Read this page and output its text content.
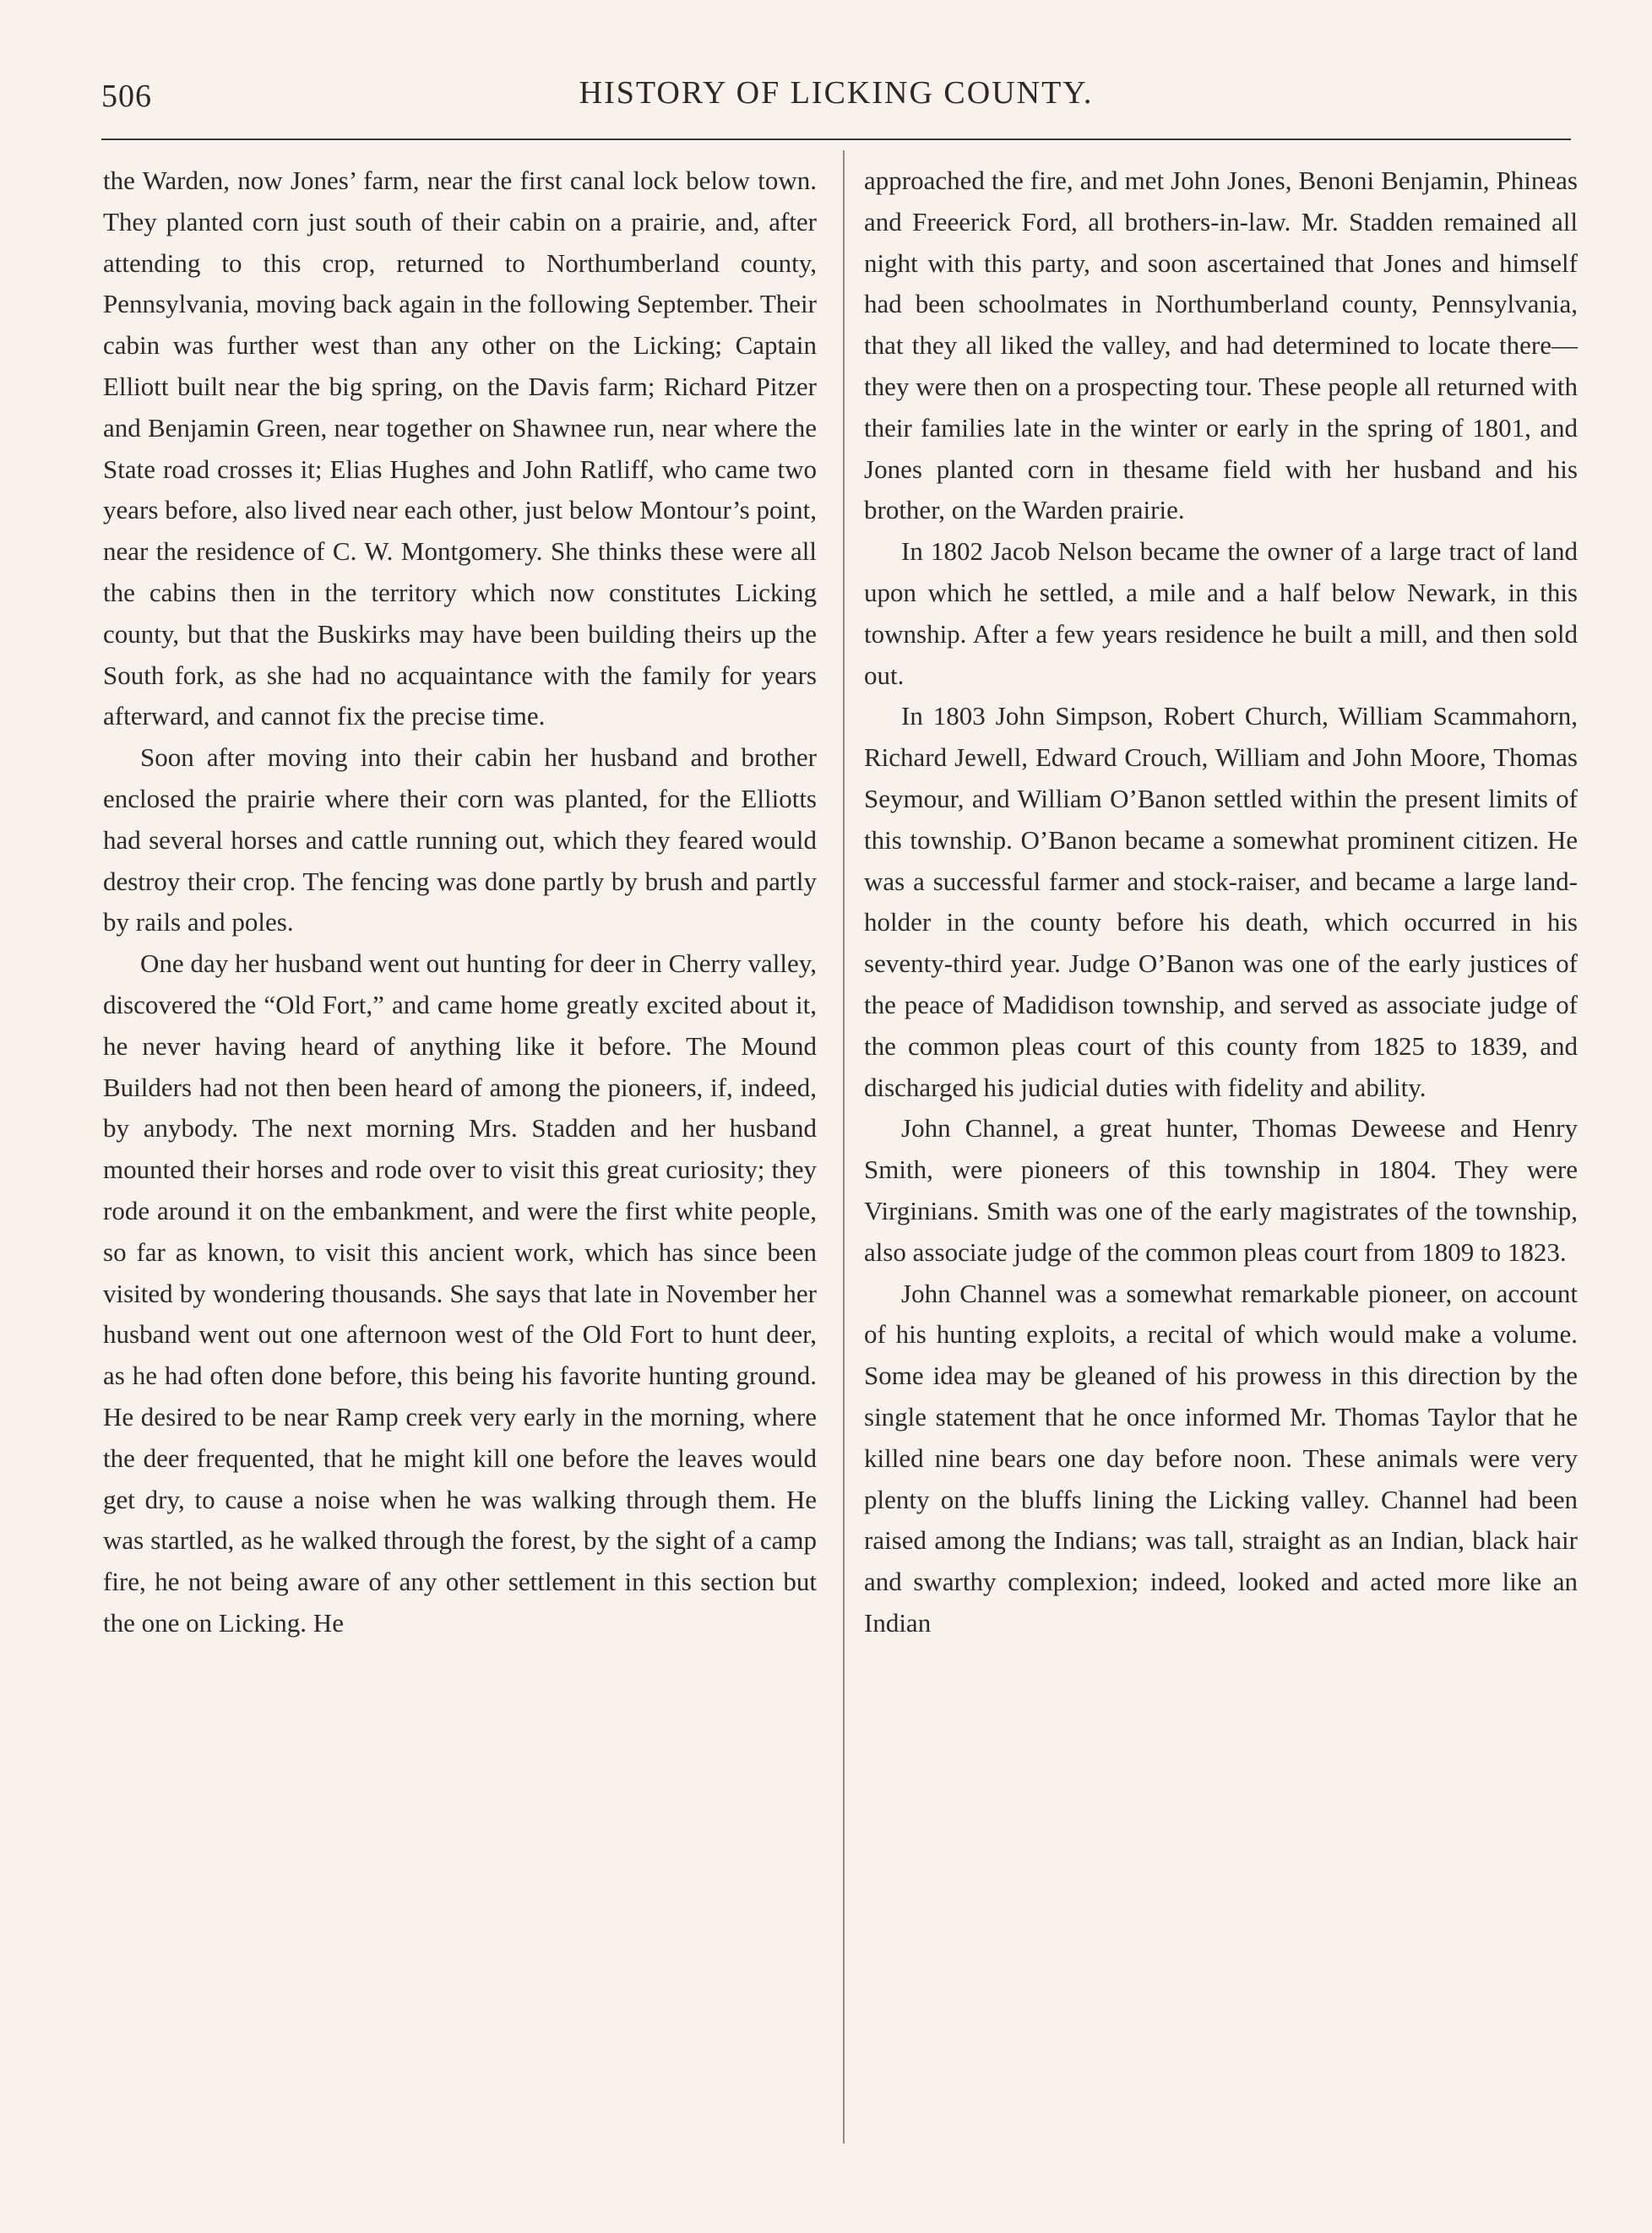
506	HISTORY OF LICKING COUNTY.

the Warden, now Jones’ farm, near the first canal lock below town. They planted corn just south of their cabin on a prairie, and, after attending to this crop, returned to Northumberland county, Pennsylvania, moving back again in the following September. Their cabin was further west than any other on the Licking; Captain Elliott built near the big spring, on the Davis farm; Richard Pitzer and Benjamin Green, near together on Shawnee run, near where the State road crosses it; Elias Hughes and John Ratliff, who came two years before, also lived near each other, just below Montour’s point, near the residence of C. W. Montgomery. She thinks these were all the cabins then in the territory which now constitutes Licking county, but that the Buskirks may have been building theirs up the South fork, as she had no acquaintance with the family for years afterward, and cannot fix the precise time.

Soon after moving into their cabin her husband and brother enclosed the prairie where their corn was planted, for the Elliotts had several horses and cattle running out, which they feared would destroy their crop. The fencing was done partly by brush and partly by rails and poles.

One day her husband went out hunting for deer in Cherry valley, discovered the “Old Fort,” and came home greatly excited about it, he never having heard of anything like it before. The Mound Builders had not then been heard of among the pioneers, if, indeed, by anybody. The next morning Mrs. Stadden and her husband mounted their horses and rode over to visit this great curiosity; they rode around it on the embankment, and were the first white people, so far as known, to visit this ancient work, which has since been visited by wondering thousands. She says that late in November her husband went out one afternoon west of the Old Fort to hunt deer, as he had often done before, this being his favorite hunting ground. He desired to be near Ramp creek very early in the morning, where the deer frequented, that he might kill one before the leaves would get dry, to cause a noise when he was walking through them. He was startled, as he walked through the forest, by the sight of a camp fire, he not being aware of any other settlement in this section but the one on Licking. He

approached the fire, and met John Jones, Benoni Benjamin, Phineas and Freeerick Ford, all brothers-in-law. Mr. Stadden remained all night with this party, and soon ascertained that Jones and himself had been schoolmates in Northumberland county, Pennsylvania, that they all liked the valley, and had determined to locate there—they were then on a prospecting tour. These people all returned with their families late in the winter or early in the spring of 1801, and Jones planted corn in thesame field with her husband and his brother, on the Warden prairie.

In 1802 Jacob Nelson became the owner of a large tract of land upon which he settled, a mile and a half below Newark, in this township. After a few years residence he built a mill, and then sold out.

In 1803 John Simpson, Robert Church, William Scammahorn, Richard Jewell, Edward Crouch, William and John Moore, Thomas Seymour, and William O’Banon settled within the present limits of this township. O’Banon became a somewhat prominent citizen. He was a successful farmer and stock-raiser, and became a large land-holder in the county before his death, which occurred in his seventy-third year. Judge O’Banon was one of the early justices of the peace of Madidison township, and served as associate judge of the common pleas court of this county from 1825 to 1839, and discharged his judicial duties with fidelity and ability.

John Channel, a great hunter, Thomas Deweese and Henry Smith, were pioneers of this township in 1804. They were Virginians. Smith was one of the early magistrates of the township, also associate judge of the common pleas court from 1809 to 1823.

John Channel was a somewhat remarkable pioneer, on account of his hunting exploits, a recital of which would make a volume. Some idea may be gleaned of his prowess in this direction by the single statement that he once informed Mr. Thomas Taylor that he killed nine bears one day before noon. These animals were very plenty on the bluffs lining the Licking valley. Channel had been raised among the Indians; was tall, straight as an Indian, black hair and swarthy complexion; indeed, looked and acted more like an Indian
